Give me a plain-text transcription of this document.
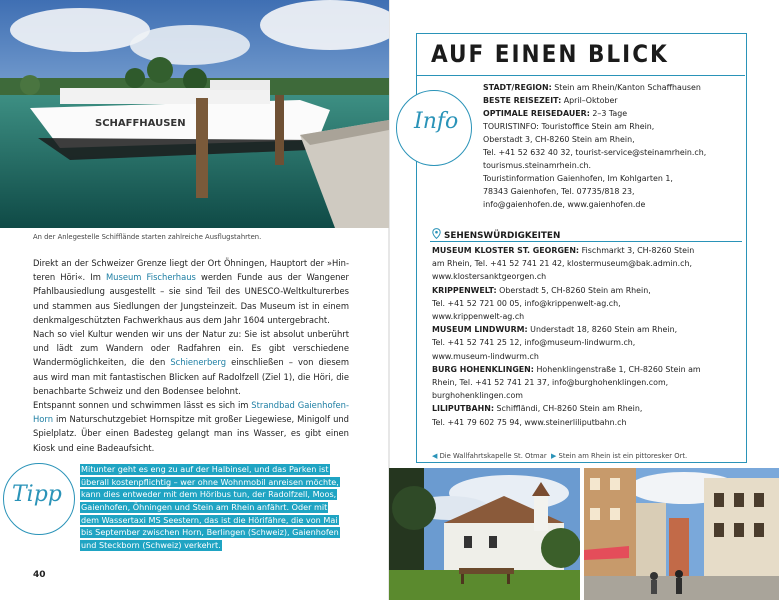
SCHAFFHAUSEN
An der Anlegestelle Schiffländе starten zahlreiche Ausflugstahrten.

Direkt an der Schweizer Grenze liegt der Ort Öhningen, Hauptort der »Hin-teren Höri«. Im Museum Fischerhaus werden Funde aus der Wangener Pfahlbausiedlung ausgestellt – sie sind Teil des UNESCO-Weltkulturerbes und stammen aus Siedlungen der Jungsteinzeit. Das Museum ist in einem denkmalgeschützten Fachwerkhaus aus dem Jahr 1604 untergebracht.

Nach so viel Kultur wenden wir uns der Natur zu: Sie ist absolut unberührt und lädt zum Wandern oder Radfahren ein. Es gibt verschiedene Wandermöglichkeiten, die den Schienerberg einschließen – von diesem aus wird man mit fantastischen Blicken auf Radolfzell (Ziel 1), die Höri, die benachbarte Schweiz und den Bodensee belohnt.

Entspannt sonnen und schwimmen lässt es sich im Strandbad Gaienhofen-Horn im Naturschutzgebiet Hornspitze mit großer Liegewiese, Minigolf und Spielplatz. Über einen Badesteg gelangt man ins Wasser, es gibt einen Kiosk und eine Badeaufsicht.

Tipp
Mitunter geht es eng zu auf der Halbinsel, und das Parken ist
überall kostenpflichtig – wer ohne Wohnmobil anreisen möchte,
kann dies entweder mit dem Höribus tun, der Radolfzell, Moos,
Gaienhofen, Öhningen und Stein am Rhein anfährt. Oder mit
dem Wassertaxi MS Seestern, das ist die Hörifähre, die von Mai
bis September zwischen Horn, Berlingen (Schweiz), Gaienhofen
und Steckborn (Schweiz) verkehrt.
40
AUF EINEN BLICK
Info
STADT/REGION: Stein am Rhein/Kanton Schaffhausen
BESTE REISEZEIT: April–Oktober
OPTIMALE REISEDAUER: 2–3 Tage
TOURISTINFO: Touristoffice Stein am Rhein,
Oberstadt 3, CH-8260 Stein am Rhein,
Tel. +41 52 632 40 32, tourist-service@steinamrhein.ch,
tourismus.steinamrhein.ch.
Touristinformation Gaienhofen, Im Kohlgarten 1,
78343 Gaienhofen, Tel. 07735/818 23,
info@gaienhofen.de, www.gaienhofen.de
SEHENSWÜRDIGKEITEN
MUSEUM KLOSTER ST. GEORGEN: Fischmarkt 3, CH-8260 Stein
am Rhein, Tel. +41 52 741 21 42, klostermuseum@bak.admin.ch,
www.klostersanktgeorgen.ch
KRIPPENWELT: Oberstadt 5, CH-8260 Stein am Rhein,
Tel. +41 52 721 00 05, info@krippenwelt-ag.ch,
www.krippenwelt-ag.ch
MUSEUM LINDWURM: Understadt 18, 8260 Stein am Rhein,
Tel. +41 52 741 25 12, info@museum-lindwurm.ch,
www.museum-lindwurm.ch
BURG HOHENKLINGEN: Hohenklingenstraße 1, CH-8260 Stein am
Rhein, Tel. +41 52 741 21 37, info@burghohenklingen.com,
burghohenklingen.com
LILIPUTBAHN: Schiffländi, CH-8260 Stein am Rhein,
Tel. +41 79 602 75 94, www.steinerliliputbahn.ch
◀ Die Wallfahrtskapelle St. Otmar ▶ Stein am Rhein ist ein pittoresker Ort.
